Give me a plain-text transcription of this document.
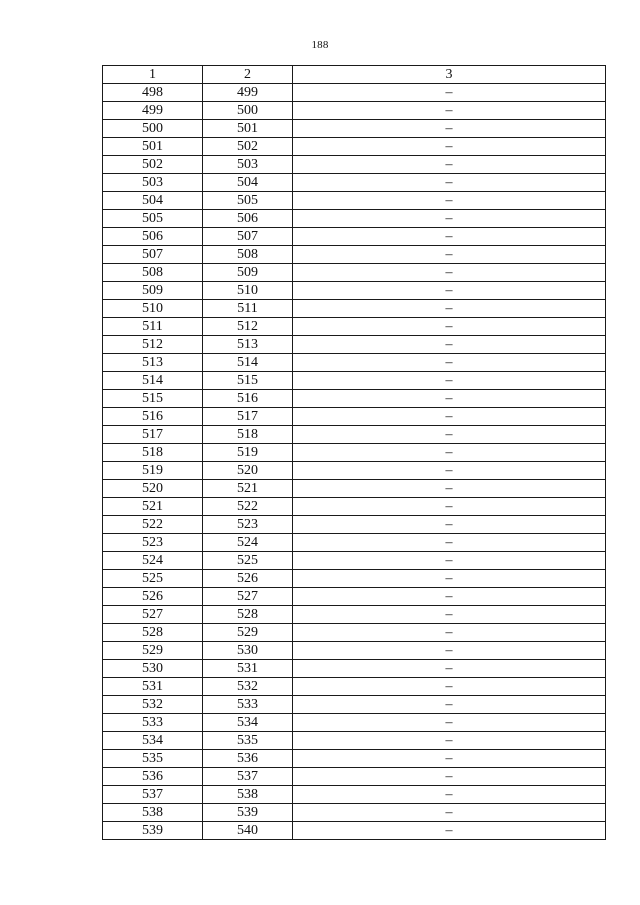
188
1	2	3
498	499	–
499	500	–
500	501	–
501	502	–
502	503	–
503	504	–
504	505	–
505	506	–
506	507	–
507	508	–
508	509	–
509	510	–
510	511	–
511	512	–
512	513	–
513	514	–
514	515	–
515	516	–
516	517	–
517	518	–
518	519	–
519	520	–
520	521	–
521	522	–
522	523	–
523	524	–
524	525	–
525	526	–
526	527	–
527	528	–
528	529	–
529	530	–
530	531	–
531	532	–
532	533	–
533	534	–
534	535	–
535	536	–
536	537	–
537	538	–
538	539	–
539	540	–
